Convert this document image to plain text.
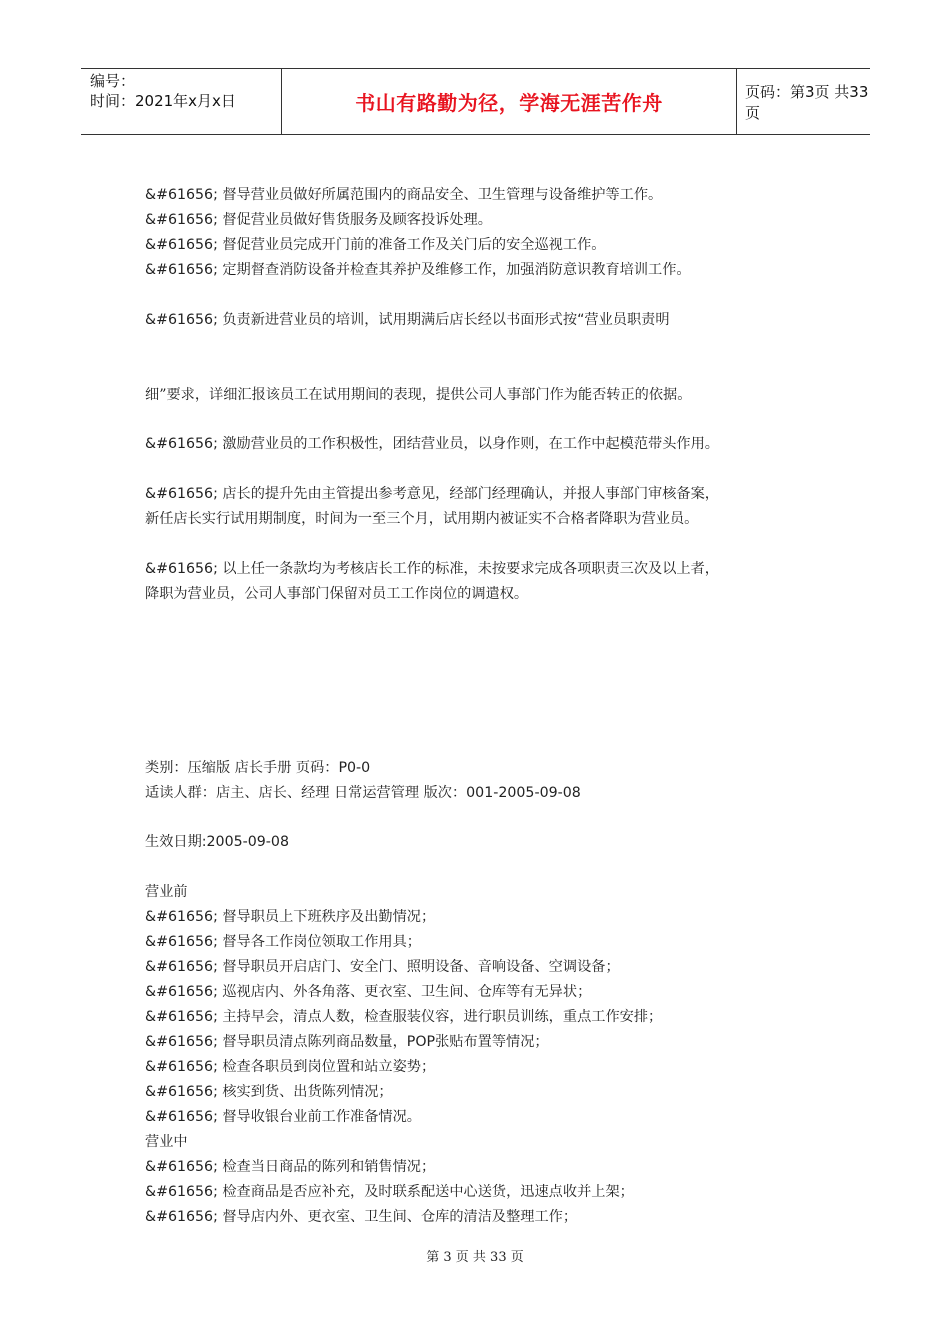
编号：
时间：2021年x月x日	书山有路勤为径，学海无涯苦作舟	页码：第3页 共33页
&#61656; 督导营业员做好所属范围内的商品安全、卫生管理与设备维护等工作。
&#61656; 督促营业员做好售货服务及顾客投诉处理。
&#61656; 督促营业员完成开门前的准备工作及关门后的安全巡视工作。
&#61656; 定期督查消防设备并检查其养护及维修工作，加强消防意识教育培训工作。
&#61656; 负责新进营业员的培训，试用期满后店长经以书面形式按“营业员职责明
细”要求，详细汇报该员工在试用期间的表现，提供公司人事部门作为能否转正的依据。
&#61656; 激励营业员的工作积极性，团结营业员，以身作则，在工作中起模范带头作用。
&#61656; 店长的提升先由主管提出参考意见，经部门经理确认，并报人事部门审核备案，
新任店长实行试用期制度，时间为一至三个月，试用期内被证实不合格者降职为营业员。
&#61656; 以上任一条款均为考核店长工作的标准，未按要求完成各项职责三次及以上者，
降职为营业员，公司人事部门保留对员工工作岗位的调遣权。
类别：压缩版 店长手册 页码：P0-0
适读人群：店主、店长、经理 日常运营管理 版次：001-2005-09-08
生效日期:2005-09-08
营业前
&#61656; 督导职员上下班秩序及出勤情况；
&#61656; 督导各工作岗位领取工作用具；
&#61656; 督导职员开启店门、安全门、照明设备、音响设备、空调设备；
&#61656; 巡视店内、外各角落、更衣室、卫生间、仓库等有无异状；
&#61656; 主持早会，清点人数，检查服装仪容，进行职员训练，重点工作安排；
&#61656; 督导职员清点陈列商品数量，POP张贴布置等情况；
&#61656; 检查各职员到岗位置和站立姿势；
&#61656; 核实到货、出货陈列情况；
&#61656; 督导收银台业前工作准备情况。
营业中
&#61656; 检查当日商品的陈列和销售情况；
&#61656; 检查商品是否应补充，及时联系配送中心送货，迅速点收并上架；
&#61656; 督导店内外、更衣室、卫生间、仓库的清洁及整理工作；
第 3 页 共 33 页
